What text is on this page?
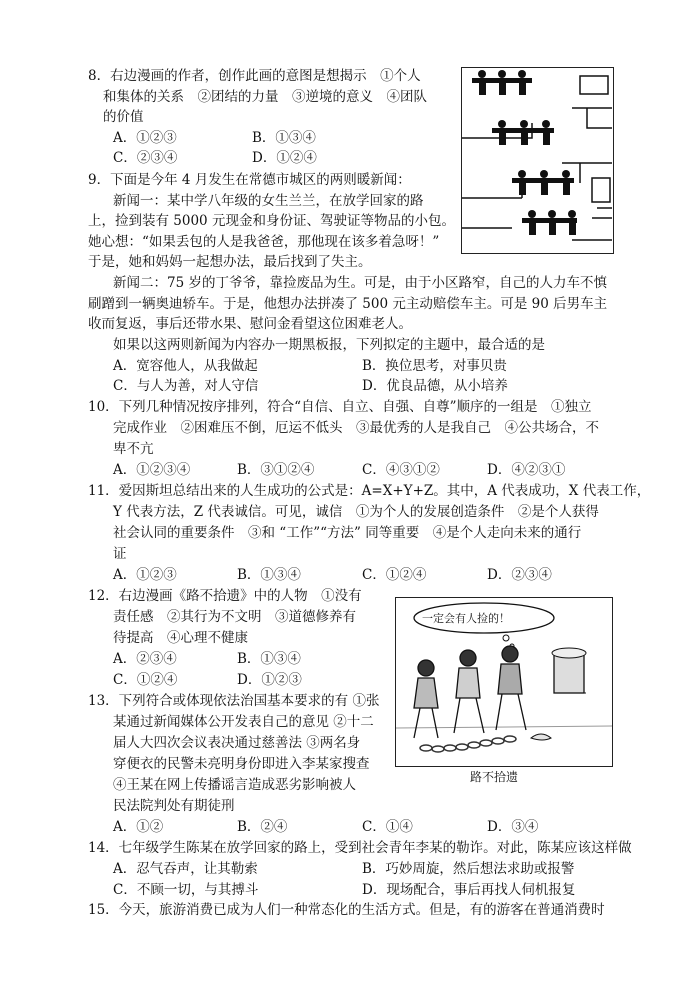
8．右边漫画的作者，创作此画的意图是想揭示　①个人
和集体的关系　②团结的力量　③逆境的意义　④团队
的价值
A．①②③	B．①③④
C．②③④	D．①②④
9．下面是今年 4 月发生在常德市城区的两则暖新闻：
新闻一：某中学八年级的女生兰兰，在放学回家的路
上，捡到装有 5000 元现金和身份证、驾驶证等物品的小包。
她心想：“如果丢包的人是我爸爸，那他现在该多着急呀！”
于是，她和妈妈一起想办法，最后找到了失主。
新闻二：75 岁的丁爷爷，靠捡废品为生。可是，由于小区路窄，自己的人力车不慎
刷蹭到一辆奥迪轿车。于是，他想办法拼凑了 500 元主动赔偿车主。可是 90 后男车主
收而复返，事后还带水果、慰问金看望这位困难老人。
如果以这两则新闻为内容办一期黑板报，下列拟定的主题中，最合适的是
A．宽容他人，从我做起	B．换位思考，对事贝贵
C．与人为善，对人守信	D．优良品德，从小培养
10．下列几种情况按序排列，符合“自信、自立、自强、自尊”顺序的一组是　①独立
完成作业　②困难压不倒，厄运不低头　③最优秀的人是我自己　④公共场合，不
卑不亢
A．①②③④	B．③①②④	C．④③①②	D．④②③①
11．爱因斯坦总结出来的人生成功的公式是：A=X+Y+Z。其中，A 代表成功，X 代表工作，
Y 代表方法，Z 代表诚信。可见，诚信　①为个人的发展创造条件　②是个人获得
社会认同的重要条件　③和 “工作”“方法” 同等重要　④是个人走向未来的通行
证
A．①②③	B．①③④	C．①②④	D．②③④
12．右边漫画《路不拾遗》中的人物　①没有
责任感　②其行为不文明　③道德修养有
待提高　④心理不健康
A．②③④	B．①③④
C．①②④	D．①②③
一定会有人捡的！
路不拾遗
13．下列符合或体现依法治国基本要求的有 ①张
某通过新闻媒体公开发表自己的意见 ②十二
届人大四次会议表决通过慈善法 ③两名身
穿便衣的民警未亮明身份即进入李某家搜查
④王某在网上传播谣言造成恶劣影响被人
民法院判处有期徒刑
A．①②	B．②④	C．①④	D．③④
14．七年级学生陈某在放学回家的路上，受到社会青年李某的勒诈。对此，陈某应该这样做
A．忍气吞声，让其勒索	B．巧妙周旋，然后想法求助或报警
C．不顾一切，与其搏斗	D．现场配合，事后再找人伺机报复
15．今天，旅游消费已成为人们一种常态化的生活方式。但是，有的游客在普通消费时
